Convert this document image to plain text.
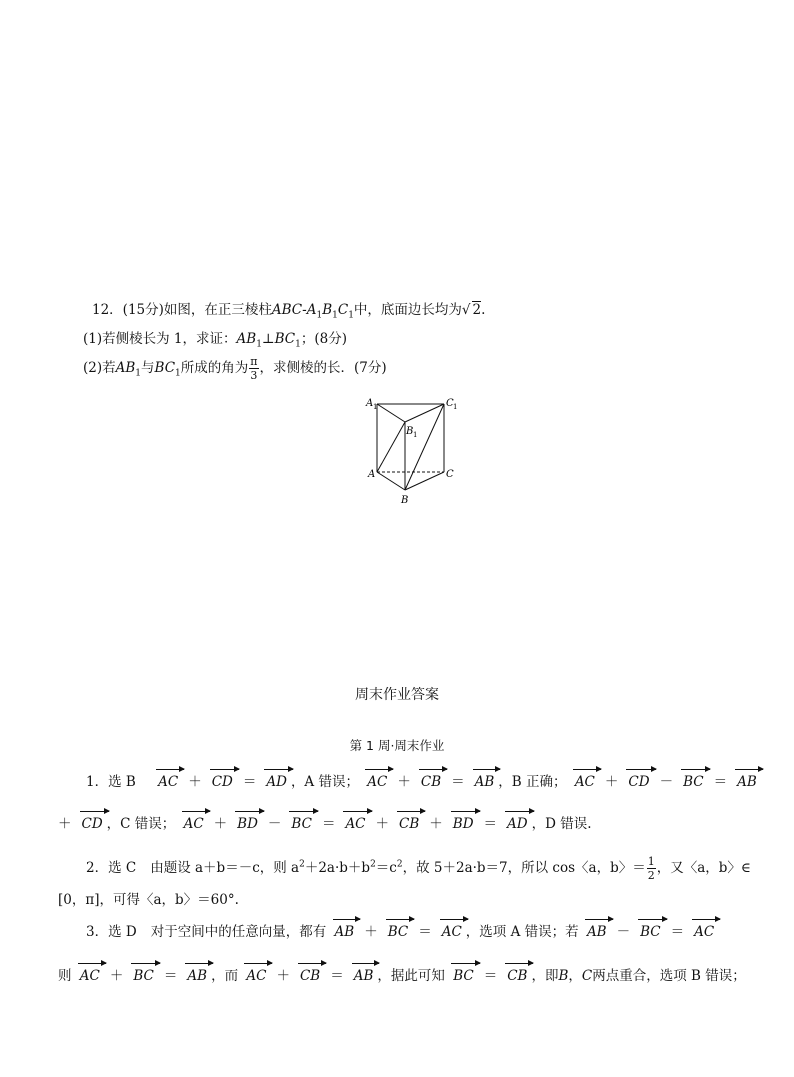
12．(15分)如图，在正三棱柱ABC-$A_1B_1C_1$中，底面边长均为√ 2.
(1)若侧棱长为 1，求证：$AB_1\perp BC_1$；(8分)
(2)若$AB_1$与$BC_1$所成的角为 $\frac{\pi}{3}$ ，求侧棱的长．(7分)
A 1	C 1
B 1
A	C
B
周末作业答案
第 1 周·周末作业
1．选 B AC ＋ CD ＝ AD ，A 错误； AC ＋ CB ＝ AB ，B 正确； AC ＋ CD － BC ＝ AB
＋ CD ，C 错误； AC ＋ BD － BC ＝ AC ＋ CB ＋ BD ＝ AD ，D 错误.
2．选 C 由题设 a＋b＝－c，则 $a^2+2a\cdot b+b^2=c^2$，故 5＋2a·b＝7，所以 cos〈a，b〉＝ $\frac{1}{2}$ ，又〈a，b〉∈
[0，π]，可得〈a，b〉＝60°.
3．选 D 对于空间中的任意向量，都有 AB ＋ BC ＝ AC ，选项 A 错误；若 AB － BC ＝ AC
则 AC ＋ BC ＝ AB ，而 AC ＋ CB ＝ AB ，据此可知 BC ＝ CB ，即B，C两点重合，选项 B 错误；
